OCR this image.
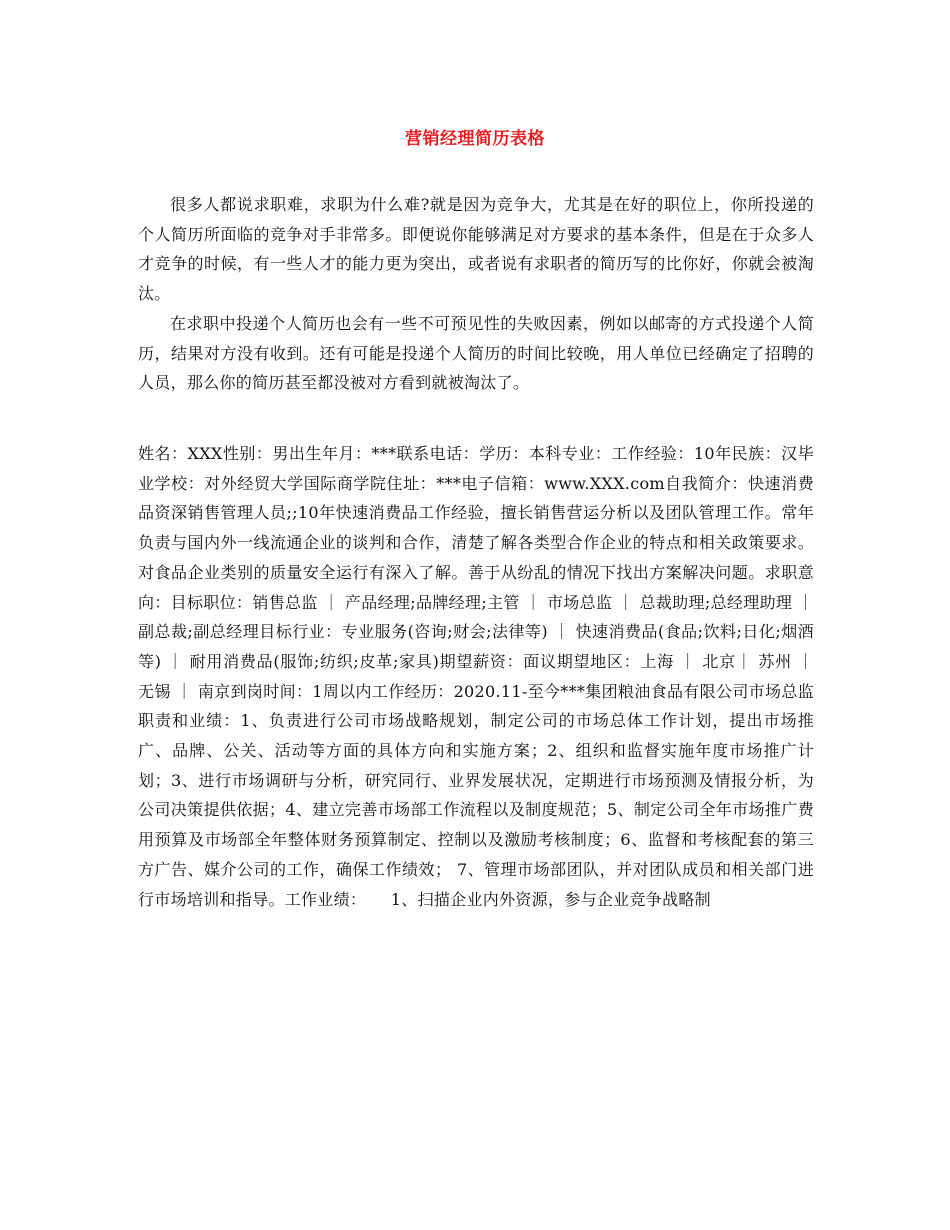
营销经理简历表格

很多人都说求职难，求职为什么难?就是因为竞争大，尤其是在好的职位上，你所投递的个人简历所面临的竞争对手非常多。即便说你能够满足对方要求的基本条件，但是在于众多人才竞争的时候，有一些人才的能力更为突出，或者说有求职者的简历写的比你好，你就会被淘汰。

在求职中投递个人简历也会有一些不可预见性的失败因素，例如以邮寄的方式投递个人简历，结果对方没有收到。还有可能是投递个人简历的时间比较晚，用人单位已经确定了招聘的人员，那么你的简历甚至都没被对方看到就被淘汰了。

姓名：XXX性别：男出生年月：***联系电话：学历：本科专业：工作经验：10年民族：汉毕业学校：对外经贸大学国际商学院住址：***电子信箱：www.XXX.com自我简介：快速消费品资深销售管理人员;;10年快速消费品工作经验，擅长销售营运分析以及团队管理工作。常年负责与国内外一线流通企业的谈判和合作，清楚了解各类型合作企业的特点和相关政策要求。对食品企业类别的质量安全运行有深入了解。善于从纷乱的情况下找出方案解决问题。求职意向：目标职位：销售总监 ｜ 产品经理;品牌经理;主管 ｜ 市场总监 ｜ 总裁助理;总经理助理 ｜ 副总裁;副总经理目标行业：专业服务(咨询;财会;法律等) ｜ 快速消费品(食品;饮料;日化;烟酒等) ｜ 耐用消费品(服饰;纺织;皮革;家具)期望薪资：面议期望地区：上海 ｜ 北京｜ 苏州 ｜ 无锡 ｜ 南京到岗时间：1周以内工作经历：2020.11-至今***集团粮油食品有限公司市场总监职责和业绩：1、负责进行公司市场战略规划，制定公司的市场总体工作计划，提出市场推广、品牌、公关、活动等方面的具体方向和实施方案；2、组织和监督实施年度市场推广计划；3、进行市场调研与分析，研究同行、业界发展状况，定期进行市场预测及情报分析，为公司决策提供依据；4、建立完善市场部工作流程以及制度规范；5、制定公司全年市场推广费用预算及市场部全年整体财务预算制定、控制以及激励考核制度；6、监督和考核配套的第三方广告、媒介公司的工作，确保工作绩效； 7、管理市场部团队，并对团队成员和相关部门进行市场培训和指导。工作业绩：　　1、扫描企业内外资源，参与企业竞争战略制
